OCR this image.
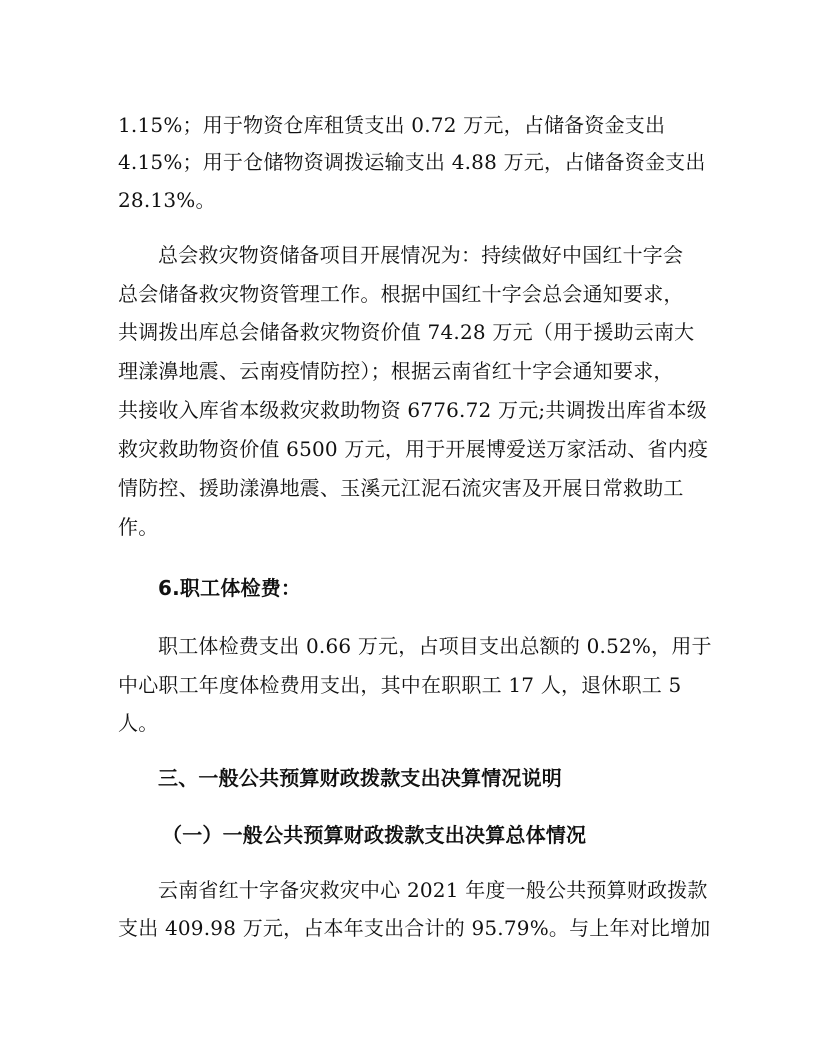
1.15%；用于物资仓库租赁支出 0.72 万元，占储备资金支出
4.15%；用于仓储物资调拨运输支出 4.88 万元，占储备资金支出
28.13%。
总会救灾物资储备项目开展情况为：持续做好中国红十字会
总会储备救灾物资管理工作。根据中国红十字会总会通知要求，
共调拨出库总会储备救灾物资价值 74.28 万元（用于援助云南大
理漾濞地震、云南疫情防控）；根据云南省红十字会通知要求，
共接收入库省本级救灾救助物资 6776.72 万元;共调拨出库省本级
救灾救助物资价值 6500 万元，用于开展博爱送万家活动、省内疫
情防控、援助漾濞地震、玉溪元江泥石流灾害及开展日常救助工
作。
6.职工体检费：
职工体检费支出 0.66 万元，占项目支出总额的 0.52%，用于
中心职工年度体检费用支出，其中在职职工 17 人，退休职工 5
人。
三、一般公共预算财政拨款支出决算情况说明
（一）一般公共预算财政拨款支出决算总体情况
云南省红十字备灾救灾中心 2021 年度一般公共预算财政拨款
支出 409.98 万元，占本年支出合计的 95.79%。与上年对比增加
